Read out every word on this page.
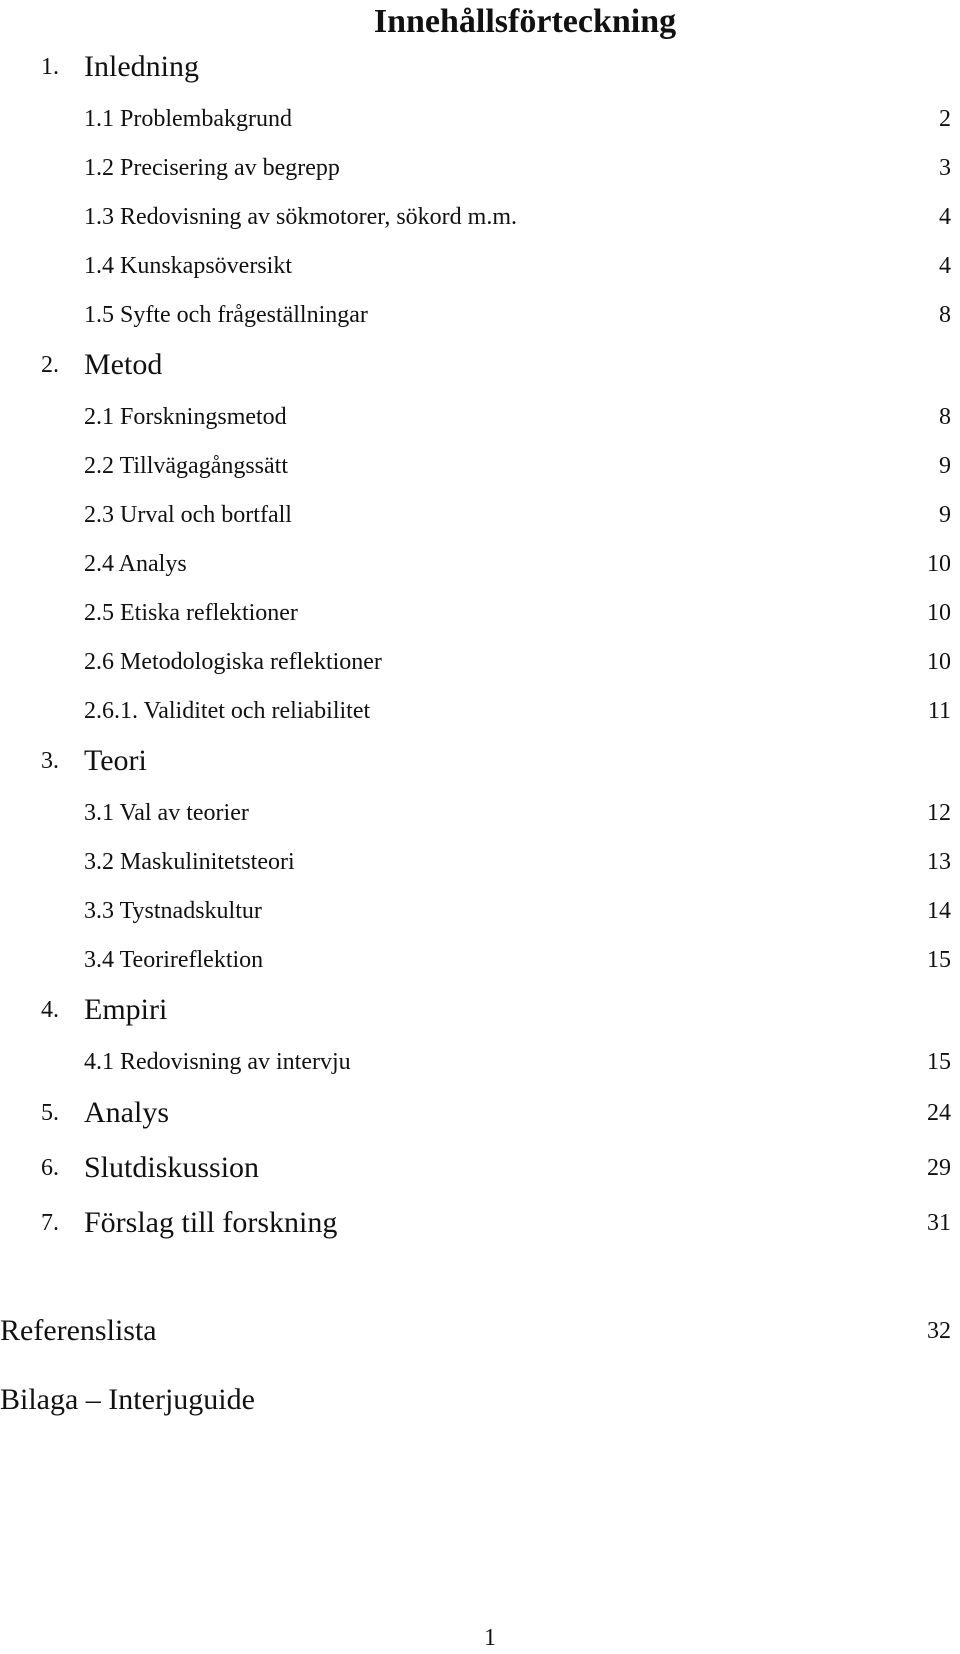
Innehållsförteckning
1. Inledning
1.1 Problembakgrund	2
1.2 Precisering av begrepp	3
1.3 Redovisning av sökmotorer, sökord m.m.	4
1.4 Kunskapsöversikt	4
1.5 Syfte och frågeställningar	8
2. Metod
2.1 Forskningsmetod	8
2.2 Tillvägagångssätt	9
2.3 Urval och bortfall	9
2.4 Analys	10
2.5 Etiska reflektioner	10
2.6 Metodologiska reflektioner	10
2.6.1. Validitet och reliabilitet	11
3. Teori
3.1 Val av teorier	12
3.2 Maskulinitetsteori	13
3.3 Tystnadskultur	14
3.4 Teorireflektion	15
4. Empiri
4.1 Redovisning av intervju	15
5. Analys	24
6. Slutdiskussion	29
7. Förslag till forskning	31
Referenslista	32
Bilaga – Interjuguide
1
